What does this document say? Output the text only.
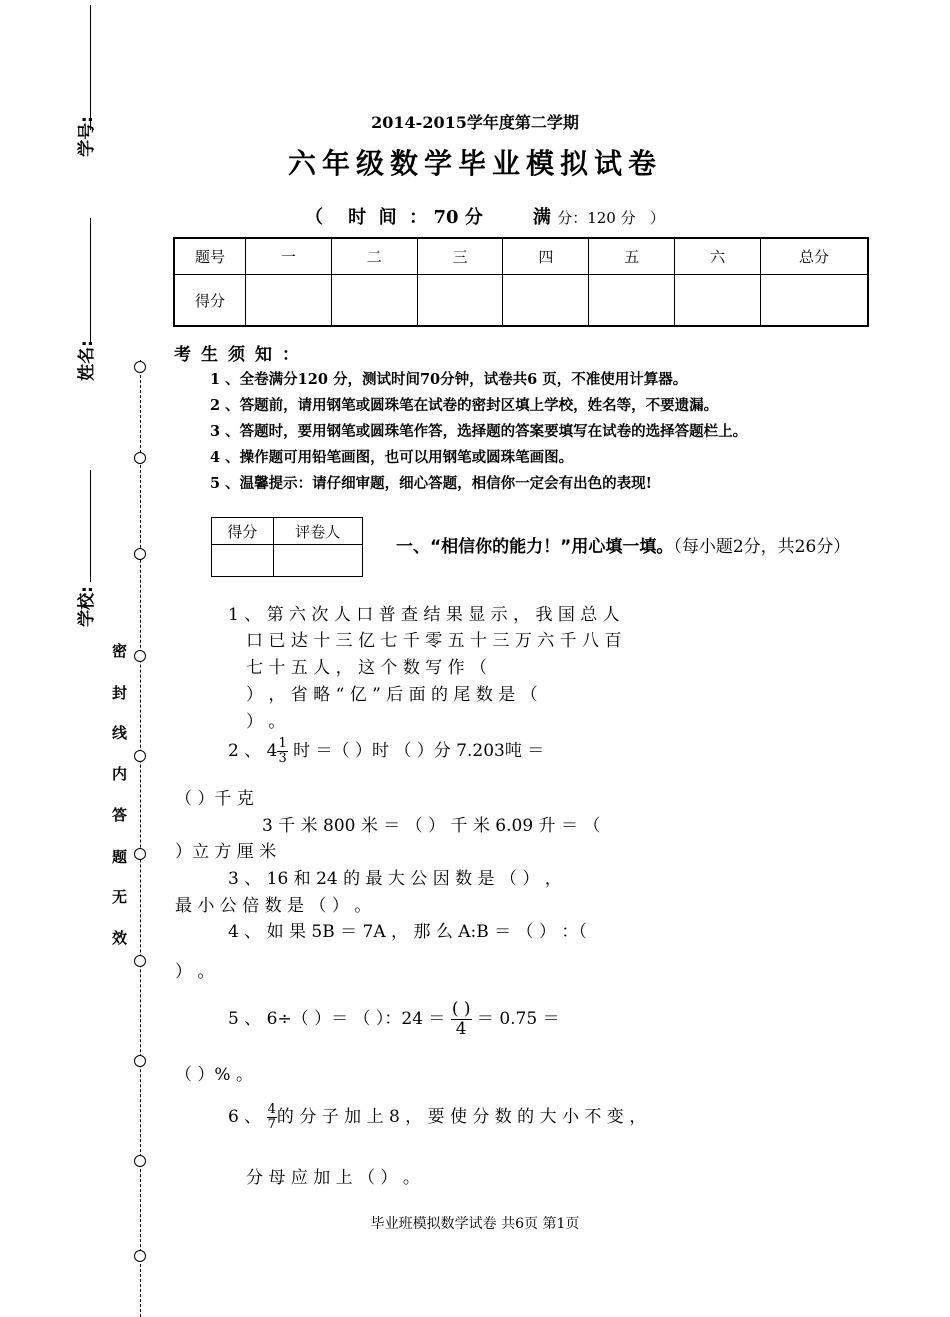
学号:
姓名:
学校:
密
封
线
内
答
题
无
效
2014-2015学年度第二学期
六年级数学毕业模拟试卷
（ 时  间  ： 70 分	满 分：120 分   ）
题号	一	二	三	四	五	六	总分
得分							
考生须知：
1 、全卷满分120 分，测试时间70分钟，试卷共6 页，不准使用计算器。
2 、答题前，请用钢笔或圆珠笔在试卷的密封区填上学校，姓名等，不要遗漏。
3 、答题时，要用钢笔或圆珠笔作答，选择题的答案要填写在试卷的选择答题栏上。
4 、操作题可用铅笔画图，也可以用钢笔或圆珠笔画图。
5 、温馨提示：请仔细审题，细心答题，相信你一定会有出色的表现!
得分	评卷人

一、“相信你的能力！”用心填一填。（每小题2分，共26分）
1 、 第 六 次 人 口 普 查 结 果 显 示 ， 我 国 总 人
口 已 达 十 三 亿 七 千 零 五 十 三 万 六 千 八 百
七 十 五 人 ， 这 个 数 写 作 （
） ， 省 略 “ 亿 ” 后 面 的 尾 数 是 （
） 。
2 、 $4 \frac{1}{3}$ 时 ＝（ ）时 （ ）分 7.203吨 ＝
（ ）千 克
3 千 米 800 米 ＝ （ ） 千 米 6.09 升 ＝ （
）立 方 厘 米
3 、 16 和 24 的 最 大 公 因 数 是 （ ） ，
最 小 公 倍 数 是 （ ） 。
4 、 如 果 5B ＝ 7A ， 那 么 A:B ＝ （ ） ：（
） 。
5 、 6÷（ ）＝ （ ）：$24 = \frac{( )}{4} = 0.75$ ＝
（ ）% 。
6 、 $\frac{4}{7}$ 的 分 子 加 上 8 ， 要 使 分 数 的 大 小 不 变 ，
分 母 应 加 上 （ ） 。
毕业班模拟数学试卷 共6页 第1页
